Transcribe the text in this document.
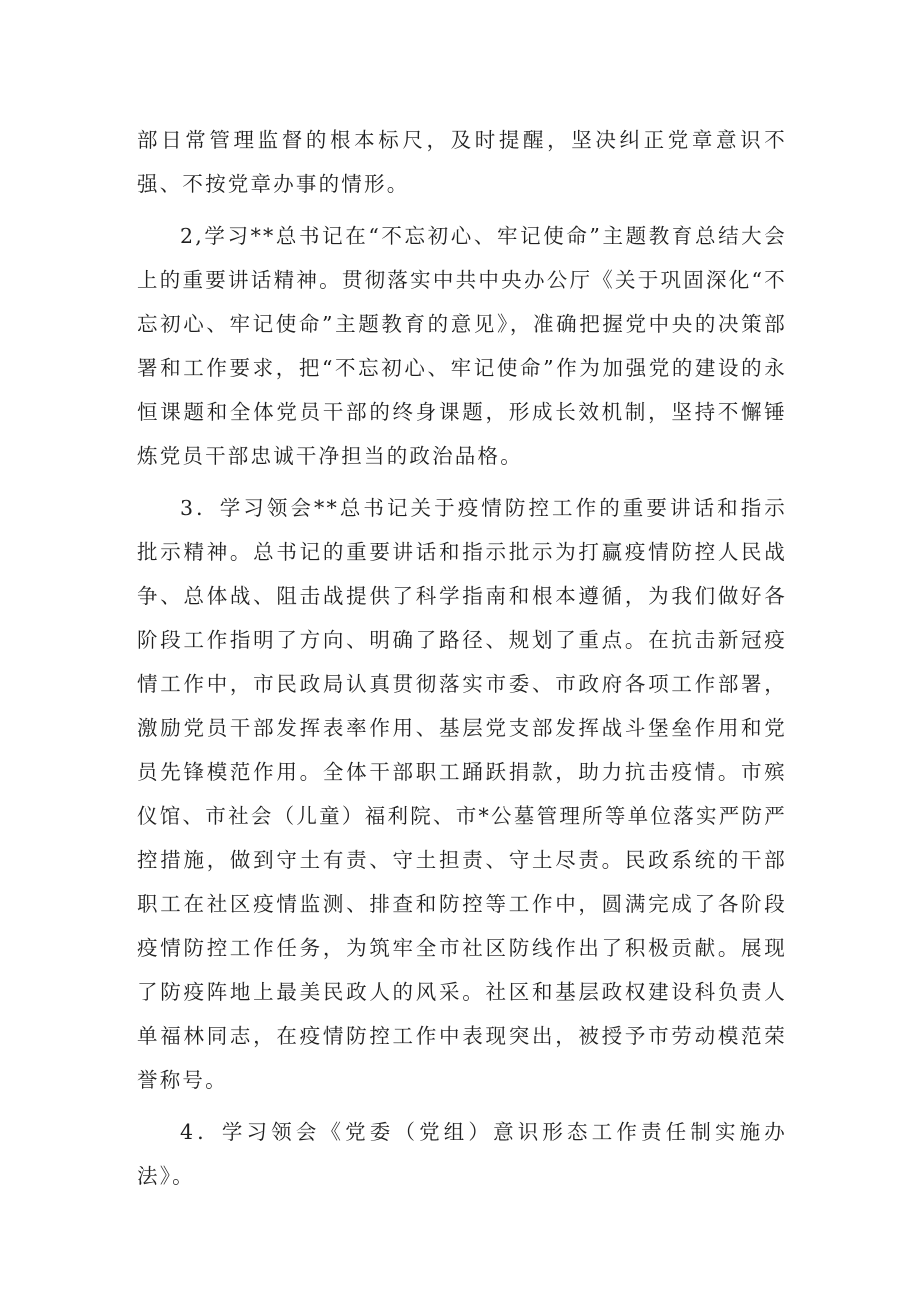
部日常管理监督的根本标尺，及时提醒，坚决纠正党章意识不强、不按党章办事的情形。

2,学习**总书记在“不忘初心、牢记使命”主题教育总结大会上的重要讲话精神。贯彻落实中共中央办公厅《关于巩固深化“不忘初心、牢记使命”主题教育的意见》，准确把握党中央的决策部署和工作要求，把“不忘初心、牢记使命”作为加强党的建设的永恒课题和全体党员干部的终身课题，形成长效机制，坚持不懈锤炼党员干部忠诚干净担当的政治品格。

3．学习领会**总书记关于疫情防控工作的重要讲话和指示批示精神。总书记的重要讲话和指示批示为打赢疫情防控人民战争、总体战、阻击战提供了科学指南和根本遵循，为我们做好各阶段工作指明了方向、明确了路径、规划了重点。在抗击新冠疫情工作中，市民政局认真贯彻落实市委、市政府各项工作部署，激励党员干部发挥表率作用、基层党支部发挥战斗堡垒作用和党员先锋模范作用。全体干部职工踊跃捐款，助力抗击疫情。市殡仪馆、市社会（儿童）福利院、市*公墓管理所等单位落实严防严控措施，做到守土有责、守土担责、守土尽责。民政系统的干部职工在社区疫情监测、排查和防控等工作中，圆满完成了各阶段疫情防控工作任务，为筑牢全市社区防线作出了积极贡献。展现了防疫阵地上最美民政人的风采。社区和基层政权建设科负责人单福林同志，在疫情防控工作中表现突出，被授予市劳动模范荣誉称号。

4．学习领会《党委（党组）意识形态工作责任制实施办法》。
